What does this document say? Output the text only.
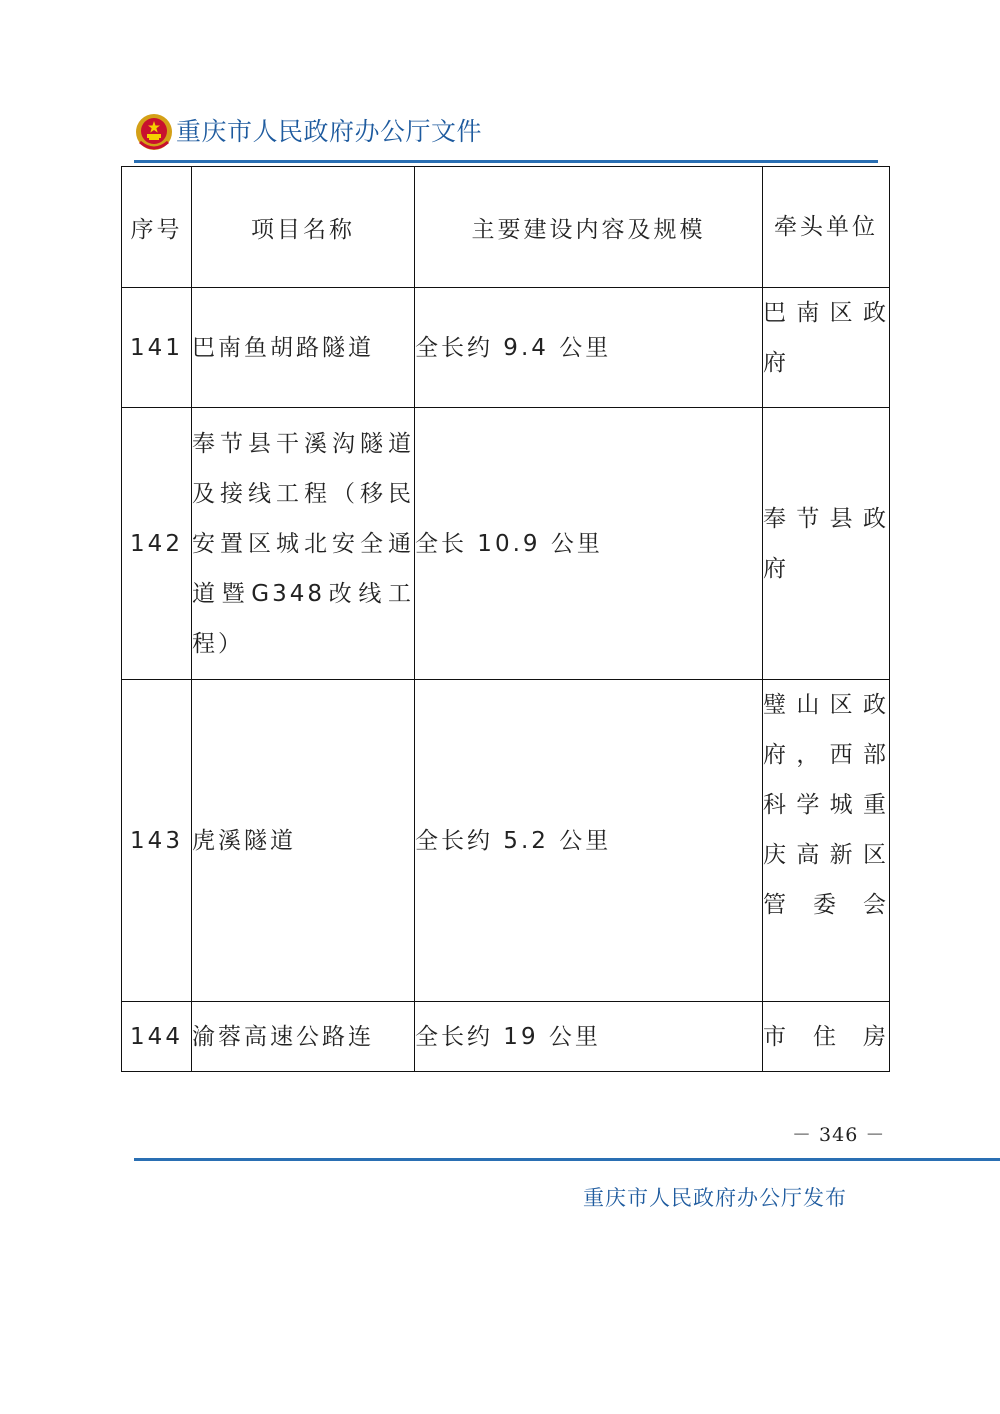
重庆市人民政府办公厅文件
序号	项目名称	主要建设内容及规模	牵头单位
141	巴南鱼胡路隧道	全长约 9.4 公里	巴南区政府
142	奉节县干溪沟隧道及接线工程（移民安置区城北安全通道暨G348改线工程）	全长 10.9 公里	奉节县政府
143	虎溪隧道	全长约 5.2 公里	璧山区政府，西部科学城重庆高新区管委会
144	渝蓉高速公路连	全长约 19 公里	市住房
－ 346 －
重庆市人民政府办公厅发布
